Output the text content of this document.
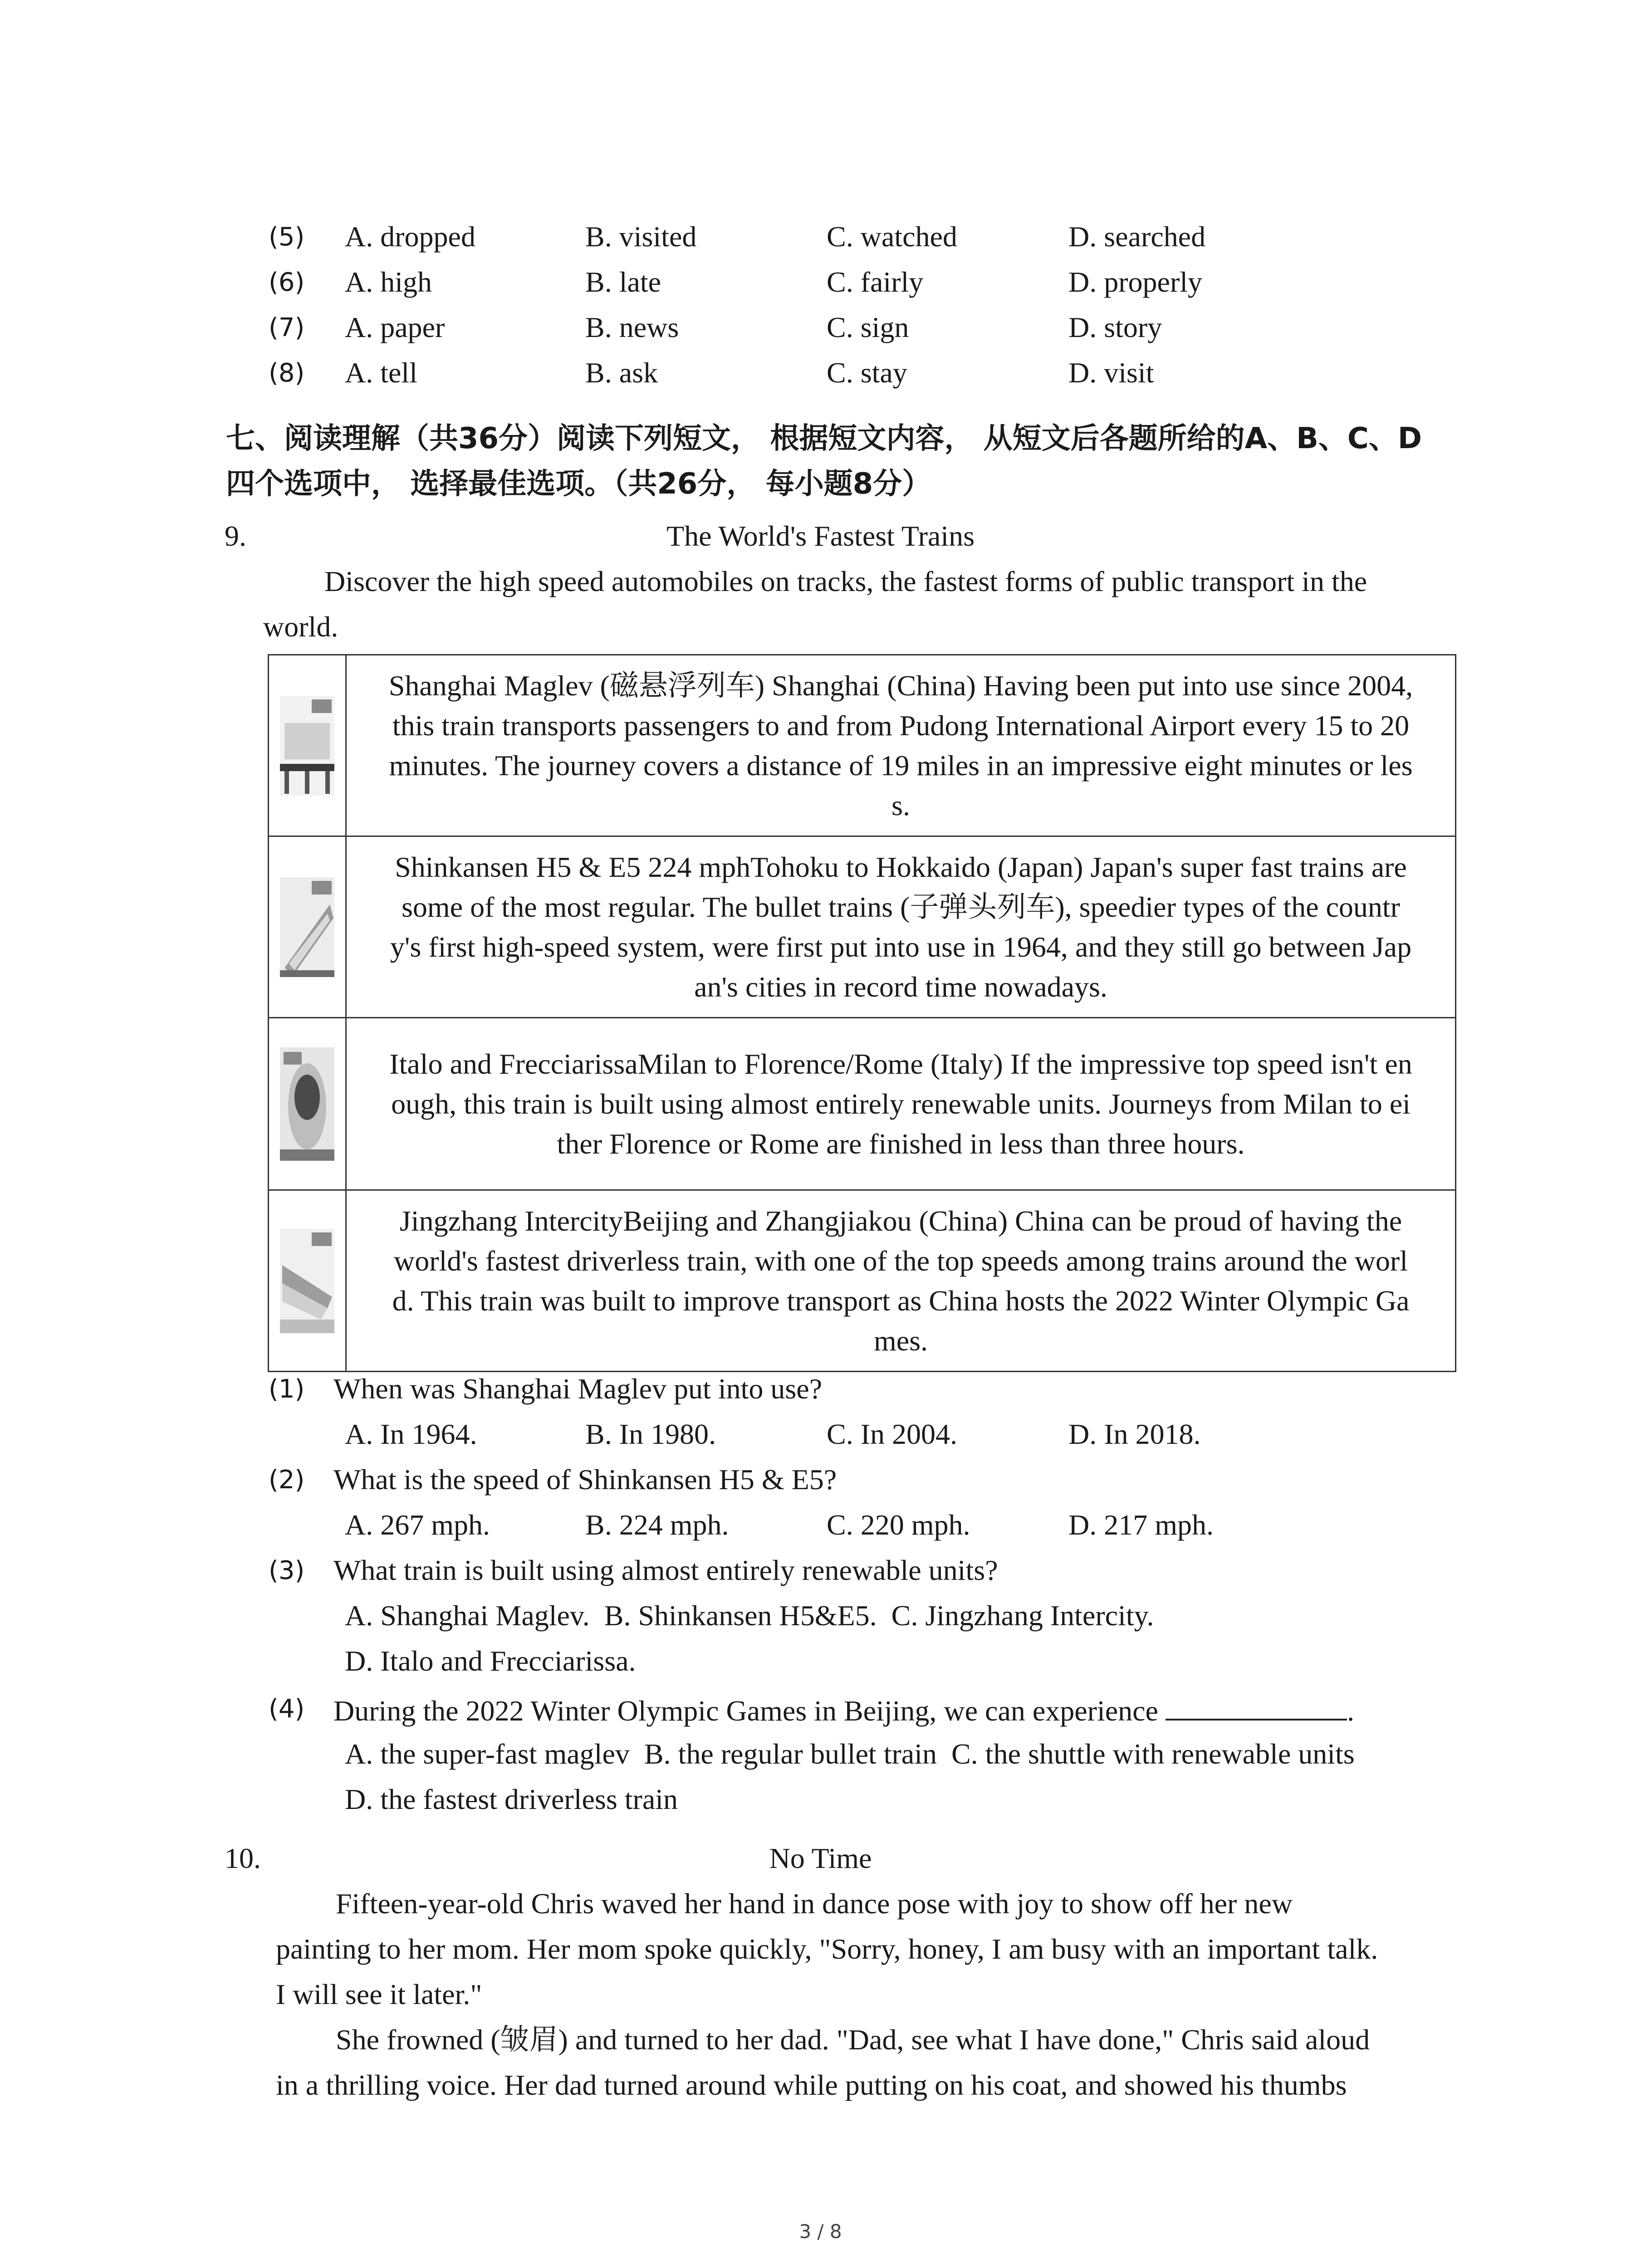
(5) A. dropped	B. visited	C. watched	D. searched
(6) A. high	B. late	C. fairly	D. properly
(7) A. paper	B. news	C. sign	D. story
(8) A. tell	B. ask	C. stay	D. visit
七、阅读理解（共36分）阅读下列短文， 根据短文内容， 从短文后各题所给的A、B、C、D
四个选项中， 选择最佳选项。（共26分， 每小题8分）
9.	The World's Fastest Trains
Discover the high speed automobiles on tracks, the fastest forms of public transport in the
world.

Shanghai Maglev (磁悬浮列车) Shanghai (China) Having been put into use since 2004,
this train transports passengers to and from Pudong International Airport every 15 to 20
minutes. The journey covers a distance of 19 miles in an impressive eight minutes or les
s.

Shinkansen H5 & E5 224 mphTohoku to Hokkaido (Japan) Japan's super fast trains are
some of the most regular. The bullet trains (子弹头列车), speedier types of the countr
y's first high-speed system, were first put into use in 1964, and they still go between Jap
an's cities in record time nowadays.

Italo and FrecciarissaMilan to Florence/Rome (Italy) If the impressive top speed isn't en
ough, this train is built using almost entirely renewable units. Journeys from Milan to ei
ther Florence or Rome are finished in less than three hours.

Jingzhang IntercityBeijing and Zhangjiakou (China) China can be proud of having the
world's fastest driverless train, with one of the top speeds among trains around the worl
d. This train was built to improve transport as China hosts the 2022 Winter Olympic Ga
mes.
(1) When was Shanghai Maglev put into use?
A. In 1964.	B. In 1980.	C. In 2004.	D. In 2018.
(2) What is the speed of Shinkansen H5 & E5?
A. 267 mph.	B. 224 mph.	C. 220 mph.	D. 217 mph.
(3) What train is built using almost entirely renewable units?
A. Shanghai Maglev.  B. Shinkansen H5&E5.  C. Jingzhang Intercity.
D. Italo and Frecciarissa.
(4) During the 2022 Winter Olympic Games in Beijing, we can experience	.
A. the super-fast maglev  B. the regular bullet train  C. the shuttle with renewable units
D. the fastest driverless train
10.	No Time
Fifteen-year-old Chris waved her hand in dance pose with joy to show off her new
painting to her mom. Her mom spoke quickly, "Sorry, honey, I am busy with an important talk.
I will see it later."
She frowned (皱眉) and turned to her dad. "Dad, see what I have done," Chris said aloud
in a thrilling voice. Her dad turned around while putting on his coat, and showed his thumbs
3 / 8
